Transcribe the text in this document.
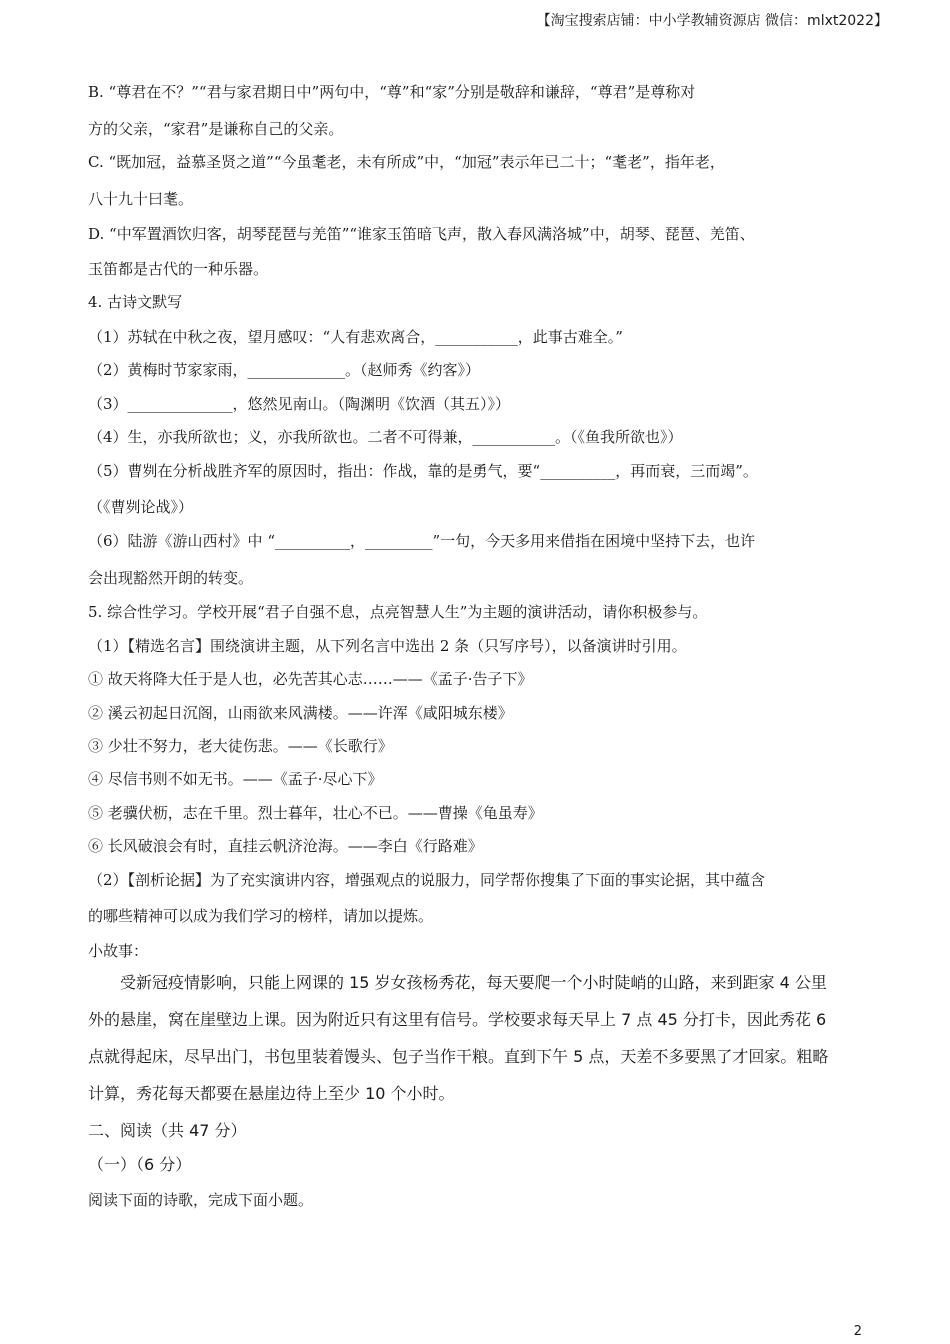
【淘宝搜索店铺：中小学教辅资源店 微信：mlxt2022】
B. “尊君在不？”“君与家君期日中”两句中，“尊”和“家”分别是敬辞和谦辞，“尊君”是尊称对
方的父亲，“家君”是谦称自己的父亲。
C. “既加冠，益慕圣贤之道”“今虽耄老，未有所成”中，“加冠”表示年已二十；“耄老”，指年老，
八十九十曰耄。
D. “中军置酒饮归客，胡琴琵琶与羌笛”“谁家玉笛暗飞声，散入春风满洛城”中，胡琴、琵琶、羌笛、
玉笛都是古代的一种乐器。
4. 古诗文默写
（1）苏轼在中秋之夜，望月感叹：“人有悲欢离合，___________，此事古难全。”
（2）黄梅时节家家雨，_____________。（赵师秀《约客》）
（3）______________，悠然见南山。（陶渊明《饮酒（其五）》）
（4）生，亦我所欲也；义，亦我所欲也。二者不可得兼，___________。（《鱼我所欲也》）
（5）曹刿在分析战胜齐军的原因时，指出：作战，靠的是勇气，要“__________，再而衰，三而竭”。
（《曹刿论战》）
（6）陆游《游山西村》中 “__________，_________”一句，今天多用来借指在困境中坚持下去，也许
会出现豁然开朗的转变。
5. 综合性学习。学校开展“君子自强不息，点亮智慧人生”为主题的演讲活动，请你积极参与。
（1）【精选名言】围绕演讲主题，从下列名言中选出 2 条（只写序号），以备演讲时引用。
① 故天将降大任于是人也，必先苦其心志……——《孟子·告子下》
② 溪云初起日沉阁，山雨欲来风满楼。——许浑《咸阳城东楼》
③ 少壮不努力，老大徒伤悲。——《长歌行》
④ 尽信书则不如无书。——《孟子·尽心下》
⑤ 老骥伏枥，志在千里。烈士暮年，壮心不已。——曹操《龟虽寿》
⑥ 长风破浪会有时，直挂云帆济沧海。——李白《行路难》
（2）【剖析论据】为了充实演讲内容，增强观点的说服力，同学帮你搜集了下面的事实论据，其中蕴含
的哪些精神可以成为我们学习的榜样，请加以提炼。
小故事：
受新冠疫情影响，只能上网课的 15 岁女孩杨秀花，每天要爬一个小时陡峭的山路，来到距家 4 公里
外的悬崖，窝在崖壁边上课。因为附近只有这里有信号。学校要求每天早上 7 点 45 分打卡，因此秀花 6
点就得起床，尽早出门，书包里装着馒头、包子当作干粮。直到下午 5 点，天差不多要黑了才回家。粗略
计算，秀花每天都要在悬崖边待上至少 10 个小时。
二、阅读（共 47 分）
（一）（6 分）
阅读下面的诗歌，完成下面小题。
2
